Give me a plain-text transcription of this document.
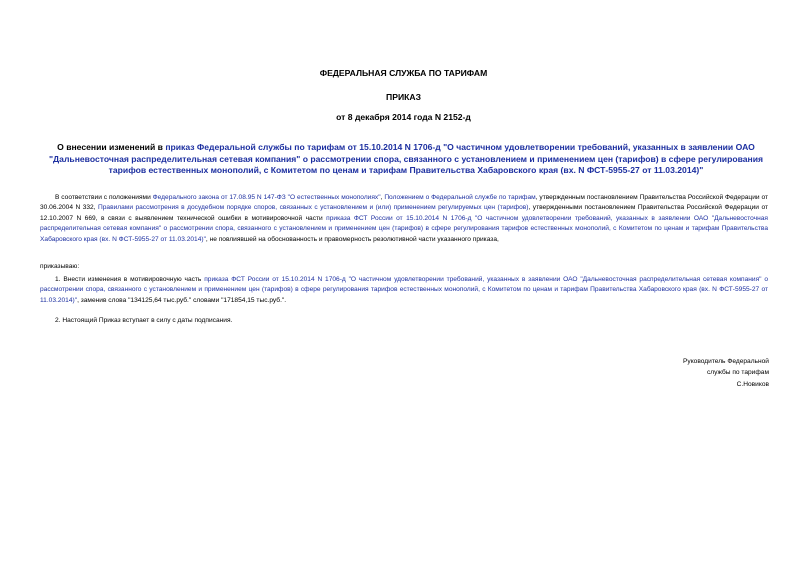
ФЕДЕРАЛЬНАЯ СЛУЖБА ПО ТАРИФАМ
ПРИКАЗ
от 8 декабря 2014 года N 2152-д
О внесении изменений в приказ Федеральной службы по тарифам от 15.10.2014 N 1706-д "О частичном удовлетворении требований, указанных в заявлении ОАО "Дальневосточная распределительная сетевая компания" о рассмотрении спора, связанного с установлением и применением цен (тарифов) в сфере регулирования тарифов естественных монополий, с Комитетом по ценам и тарифам Правительства Хабаровского края (вх. N ФСТ-5955-27 от 11.03.2014)"
В соответствии с положениями Федерального закона от 17.08.95 N 147-ФЗ "О естественных монополиях", Положением о Федеральной службе по тарифам, утвержденным постановлением Правительства Российской Федерации от 30.06.2004 N 332, Правилами рассмотрения в досудебном порядке споров, связанных с установлением и (или) применением регулируемых цен (тарифов), утвержденными постановлением Правительства Российской Федерации от 12.10.2007 N 669, в связи с выявлением технической ошибки в мотивировочной части приказа ФСТ России от 15.10.2014 N 1706-д "О частичном удовлетворении требований, указанных в заявлении ОАО "Дальневосточная распределительная сетевая компания" о рассмотрении спора, связанного с установлением и применением цен (тарифов) в сфере регулирования тарифов естественных монополий, с Комитетом по ценам и тарифам Правительства Хабаровского края (вх. N ФСТ-5955-27 от 11.03.2014)", не повлиявшей на обоснованность и правомерность резолютивной части указанного приказа,
приказываю:
1. Внести изменения в мотивировочную часть приказа ФСТ России от 15.10.2014 N 1706-д "О частичном удовлетворении требований, указанных в заявлении ОАО "Дальневосточная распределительная сетевая компания" о рассмотрении спора, связанного с установлением и применением цен (тарифов) в сфере регулирования тарифов естественных монополий, с Комитетом по ценам и тарифам Правительства Хабаровского края (вх. N ФСТ-5955-27 от 11.03.2014)", заменив слова "134125,64 тыс.руб." словами "171854,15 тыс.руб.".
2. Настоящий Приказ вступает в силу с даты подписания.
Руководитель Федеральной
службы по тарифам
С.Новиков
